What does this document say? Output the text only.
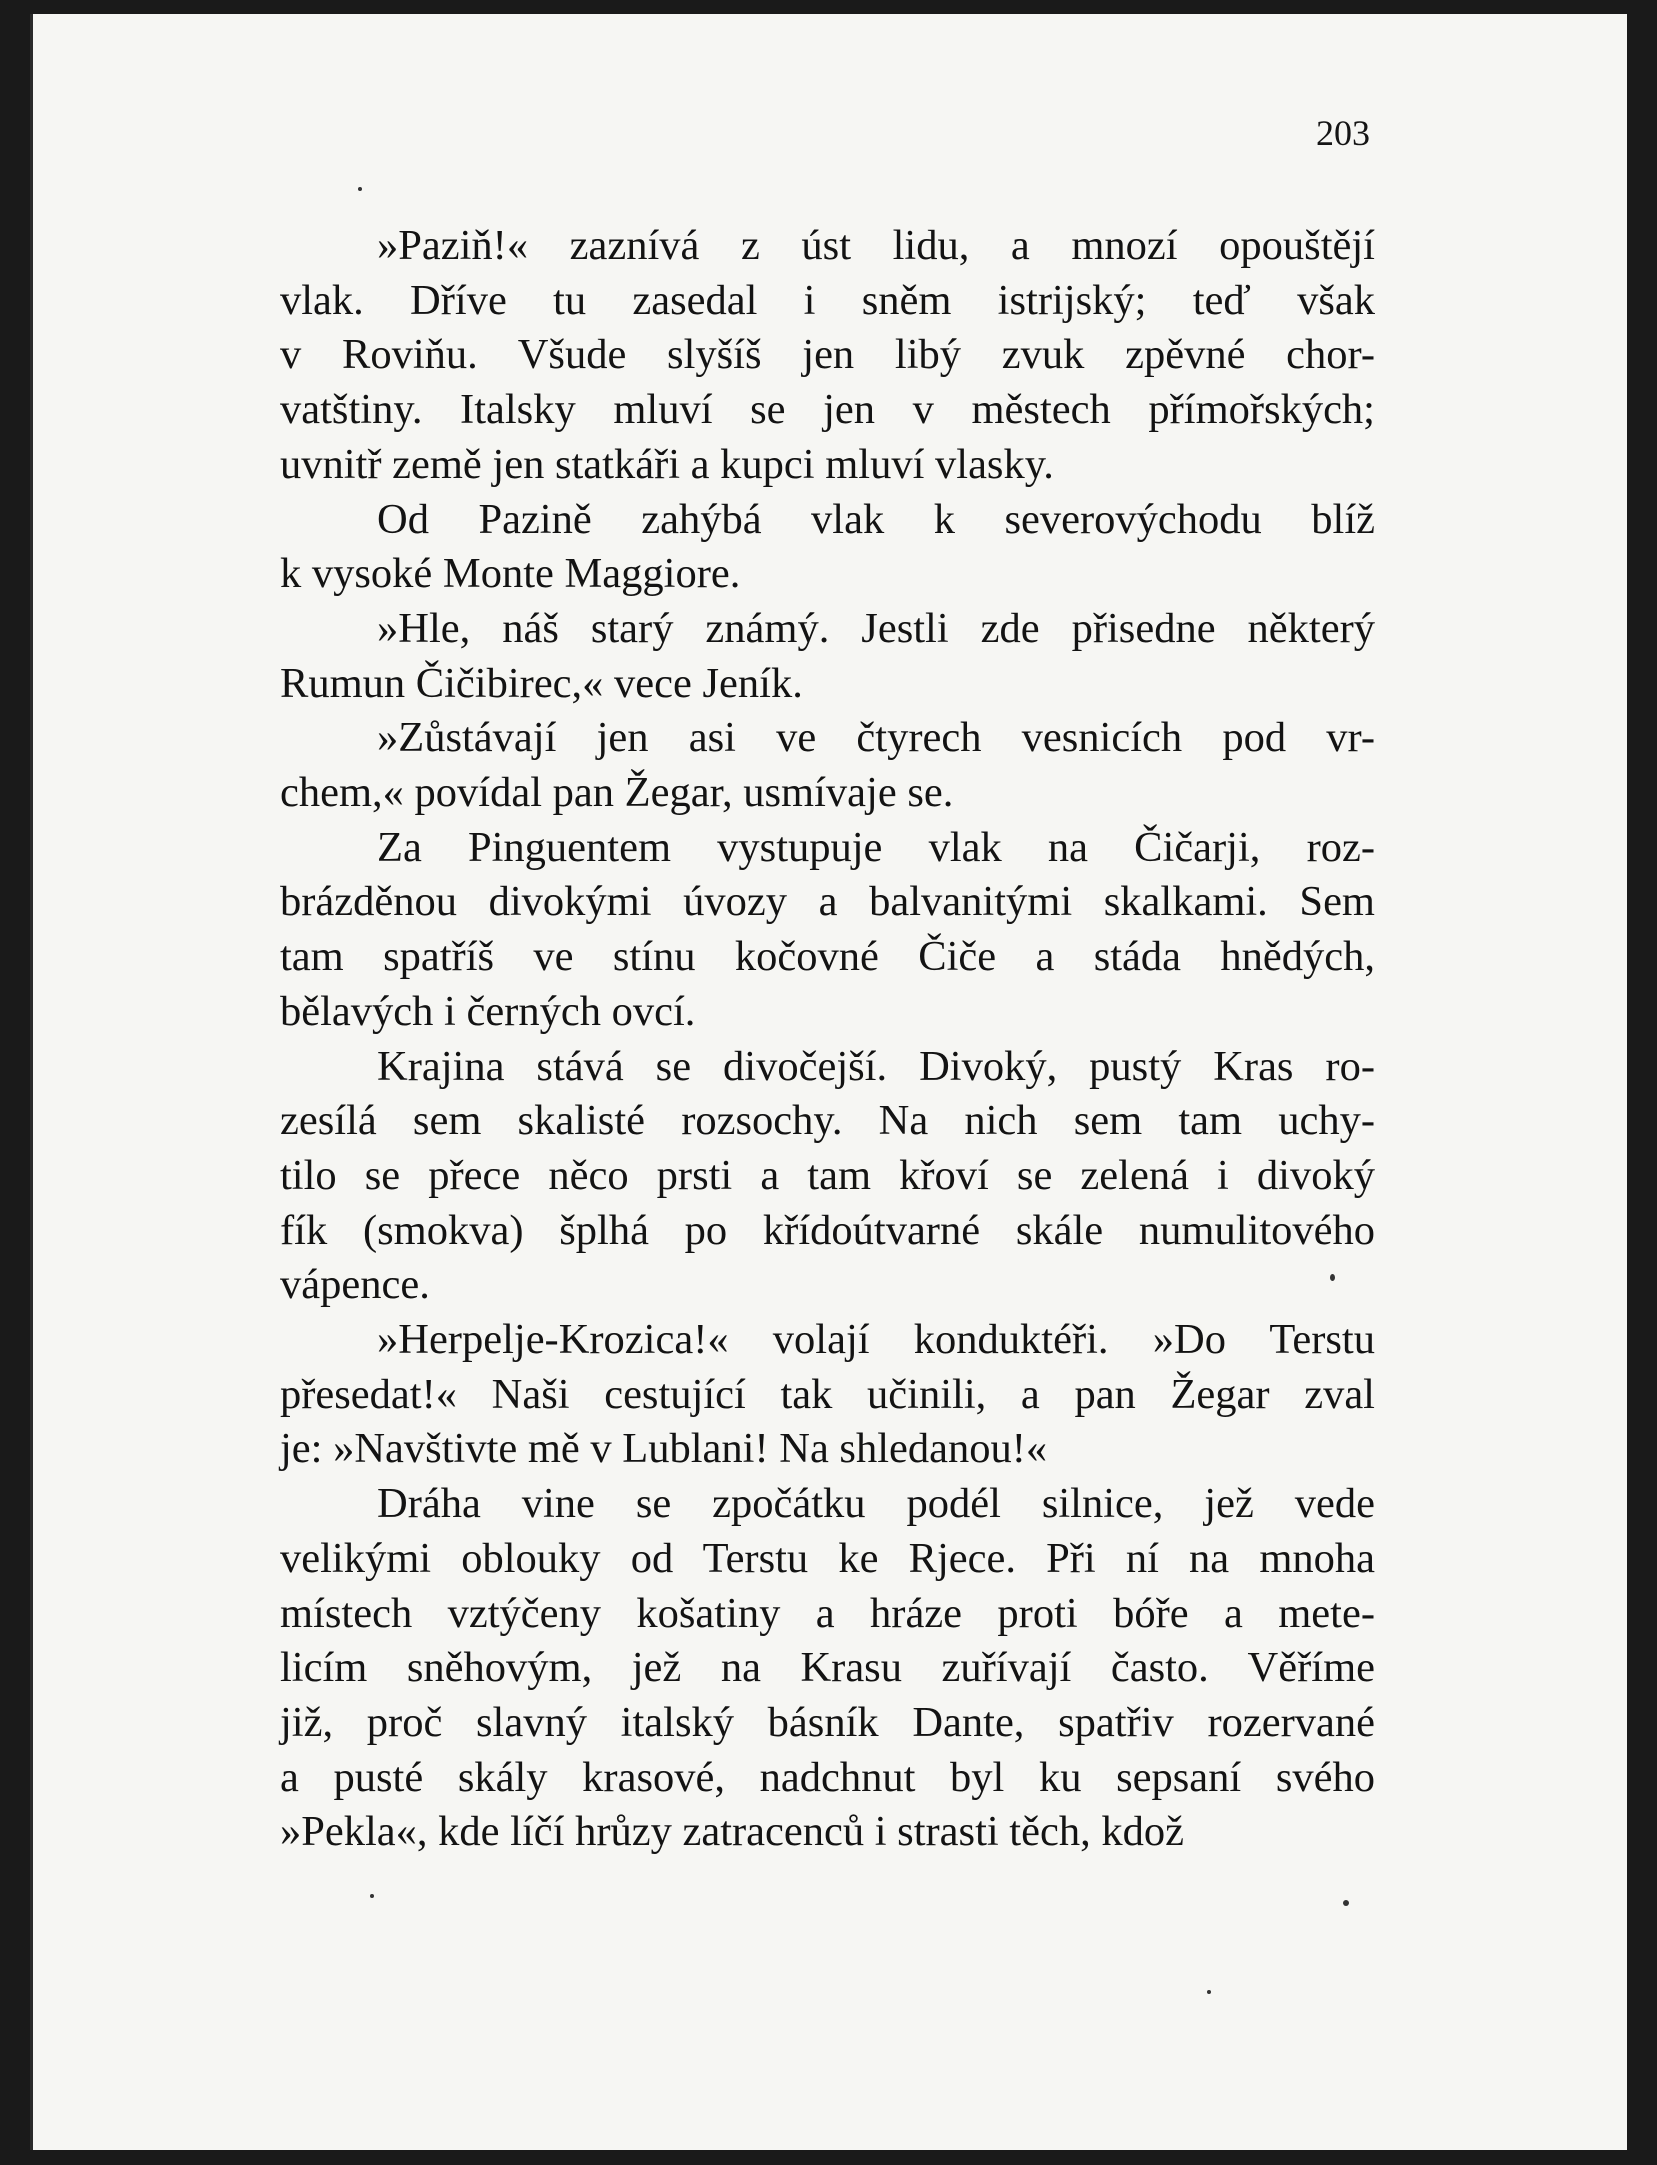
203

»Paziň!« zaznívá z úst lidu, a mnozí opouštějí
vlak. Dříve tu zasedal i sněm istrijský; teď však
v Roviňu. Všude slyšíš jen libý zvuk zpěvné chor-
vatštiny. Italsky mluví se jen v městech přímořských;
uvnitř země jen statkáři a kupci mluví vlasky.

Od Pazině zahýbá vlak k severovýchodu blíž
k vysoké Monte Maggiore.

»Hle, náš starý známý. Jestli zde přisedne některý
Rumun Čičibirec,« vece Jeník.

»Zůstávají jen asi ve čtyrech vesnicích pod vr-
chem,« povídal pan Žegar, usmívaje se.

Za Pinguentem vystupuje vlak na Čičarji, roz-
brázděnou divokými úvozy a balvanitými skalkami. Sem
tam spatříš ve stínu kočovné Čiče a stáda hnědých,
bělavých i černých ovcí.

Krajina stává se divočejší. Divoký, pustý Kras ro-
zesílá sem skalisté rozsochy. Na nich sem tam uchy-
tilo se přece něco prsti a tam křoví se zelená i divoký
fík (smokva) šplhá po křídoútvarné skále numulitového
vápence.

»Herpelje-Krozica!« volají konduktéři. »Do Terstu
přesedat!« Naši cestující tak učinili, a pan Žegar zval
je: »Navštivte mě v Lublani! Na shledanou!«

Dráha vine se zpočátku podél silnice, jež vede
velikými oblouky od Terstu ke Rjece. Při ní na mnoha
místech vztýčeny košatiny a hráze proti bóře a mete-
licím sněhovým, jež na Krasu zuřívají často. Věříme
již, proč slavný italský básník Dante, spatřiv rozervané
a pusté skály krasové, nadchnut byl ku sepsaní svého
»Pekla«, kde líčí hrůzy zatracenců i strasti těch, kdož
